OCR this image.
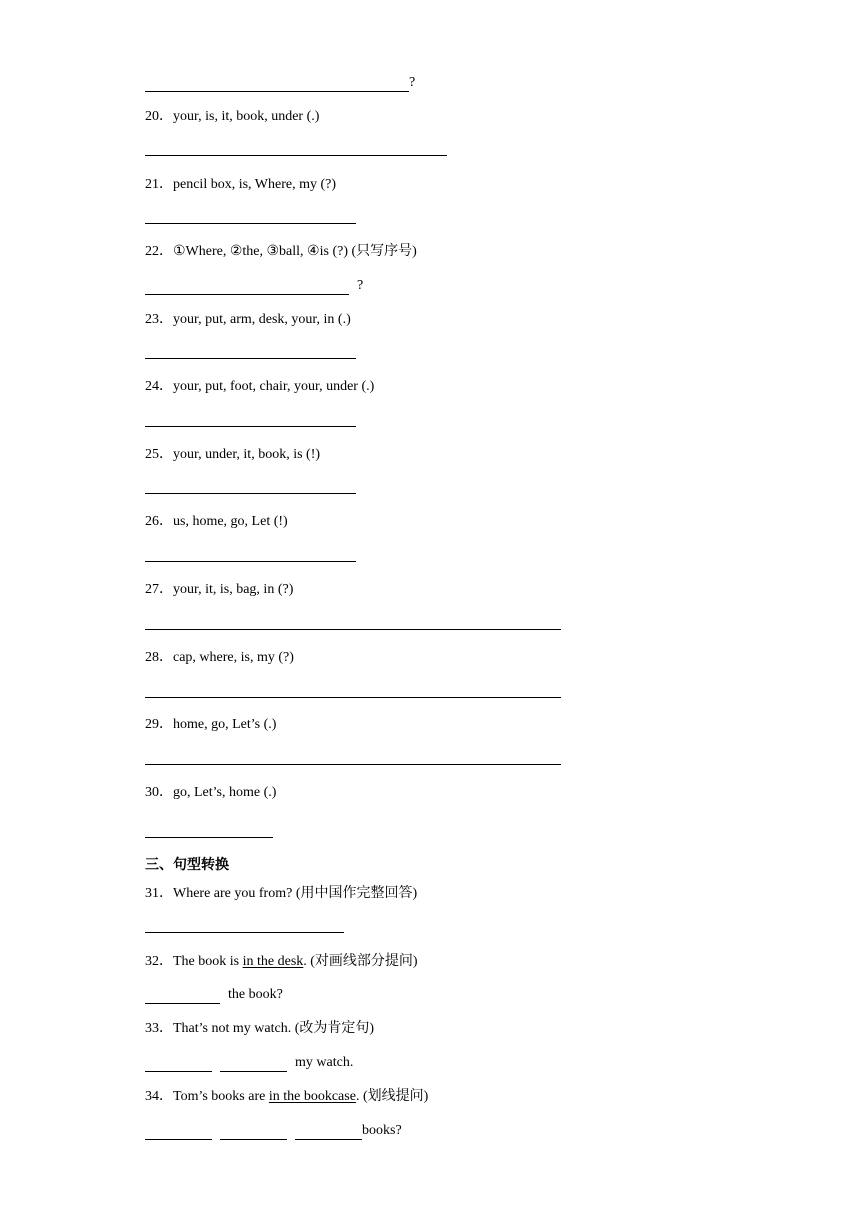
?
20． your, is, it, book, under (.)
21． pencil box, is, Where, my (?)
22． ①Where, ②the, ③ball, ④is (?) (只写序号)
?
23． your, put, arm, desk, your, in (.)
24． your, put, foot, chair, your, under (.)
25． your, under, it, book, is (!)
26． us, home, go, Let (!)
27． your, it, is, bag, in (?)
28． cap, where, is, my (?)
29． home, go, Let’s (.)
30． go, Let’s, home (.)
三、句型转换
31． Where are you from? (用中国作完整回答)
32． The book is in the desk . (对画线部分提问)
the book?
33． That’s not my watch. (改为肯定句)
my watch.
34． Tom’s books are in the bookcase . (划线提问)
books?
